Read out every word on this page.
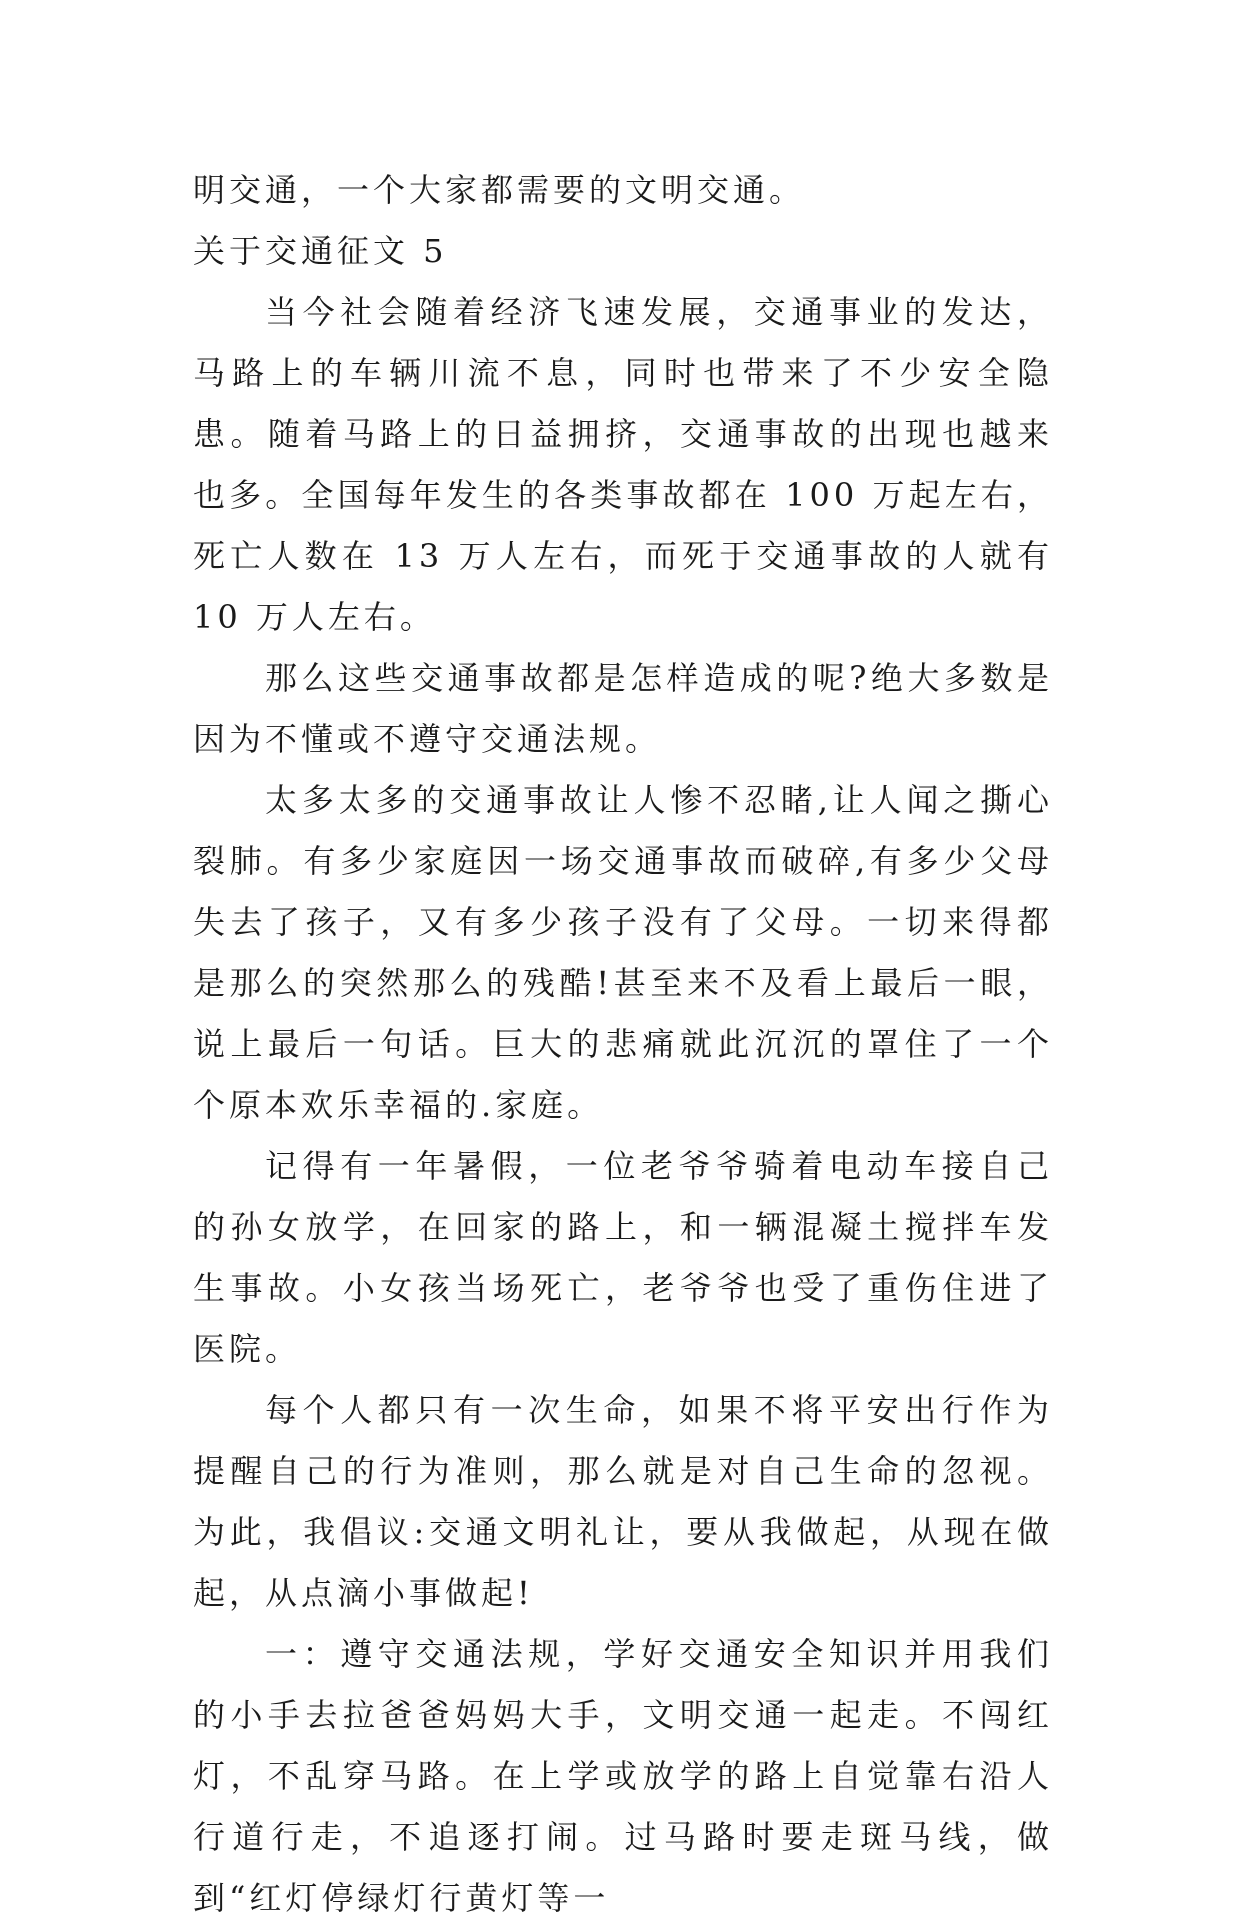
明交通，一个大家都需要的文明交通。

关于交通征文 5

当今社会随着经济飞速发展，交通事业的发达，马路上的车辆川流不息，同时也带来了不少安全隐患。随着马路上的日益拥挤，交通事故的出现也越来也多。全国每年发生的各类事故都在 100 万起左右，死亡人数在 13 万人左右，而死于交通事故的人就有 10 万人左右。

那么这些交通事故都是怎样造成的呢?绝大多数是因为不懂或不遵守交通法规。

太多太多的交通事故让人惨不忍睹,让人闻之撕心裂肺。有多少家庭因一场交通事故而破碎,有多少父母失去了孩子，又有多少孩子没有了父母。一切来得都是那么的突然那么的残酷!甚至来不及看上最后一眼，说上最后一句话。巨大的悲痛就此沉沉的罩住了一个个原本欢乐幸福的.家庭。

记得有一年暑假，一位老爷爷骑着电动车接自己的孙女放学，在回家的路上，和一辆混凝土搅拌车发生事故。小女孩当场死亡，老爷爷也受了重伤住进了医院。

每个人都只有一次生命，如果不将平安出行作为提醒自己的行为准则，那么就是对自己生命的忽视。为此，我倡议:交通文明礼让，要从我做起，从现在做起，从点滴小事做起!

一：遵守交通法规，学好交通安全知识并用我们的小手去拉爸爸妈妈大手，文明交通一起走。不闯红灯，不乱穿马路。在上学或放学的路上自觉靠右沿人行道行走，不追逐打闹。过马路时要走斑马线，做到“红灯停绿灯行黄灯等一
